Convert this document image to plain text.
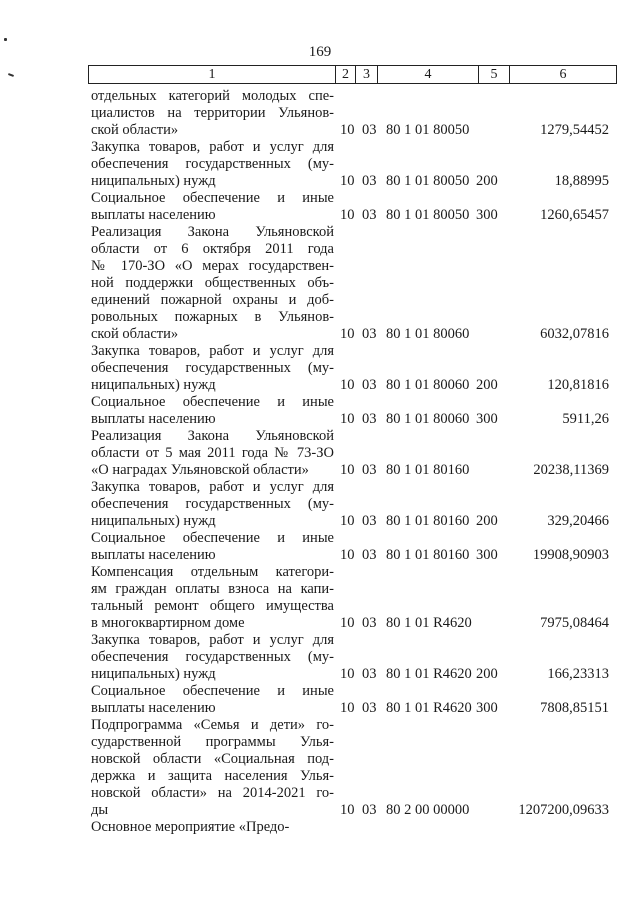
169
1	2	3	4	5	6
отдельных категорий молодых спе-
циалистов на территории Ульянов-
ской области»	10 03 80 1 01 80050	1279,54452
Закупка товаров, работ и услуг для
обеспечения государственных (му-
ниципальных) нужд	10 03 80 1 01 80050 200	18,88995
Социальное обеспечение и иные
выплаты населению	10 03 80 1 01 80050 300	1260,65457
Реализация Закона Ульяновской
области от 6 октября 2011 года
№ 170-ЗО «О мерах государствен-
ной поддержки общественных объ-
единений пожарной охраны и доб-
ровольных пожарных в Ульянов-
ской области»	10 03 80 1 01 80060	6032,07816
Закупка товаров, работ и услуг для
обеспечения государственных (му-
ниципальных) нужд	10 03 80 1 01 80060 200	120,81816
Социальное обеспечение и иные
выплаты населению	10 03 80 1 01 80060 300	5911,26
Реализация Закона Ульяновской
области от 5 мая 2011 года № 73-ЗО
«О наградах Ульяновской области»	10 03 80 1 01 80160	20238,11369
Закупка товаров, работ и услуг для
обеспечения государственных (му-
ниципальных) нужд	10 03 80 1 01 80160 200	329,20466
Социальное обеспечение и иные
выплаты населению	10 03 80 1 01 80160 300 19908,90903
Компенсация отдельным категори-
ям граждан оплаты взноса на капи-
тальный ремонт общего имущества
в многоквартирном доме	10 03 80 1 01 R4620	7975,08464
Закупка товаров, работ и услуг для
обеспечения государственных (му-
ниципальных) нужд	10 03 80 1 01 R4620 200	166,23313
Социальное обеспечение и иные
выплаты населению	10 03 80 1 01 R4620 300	7808,85151
Подпрограмма «Семья и дети» го-
сударственной программы Улья-
новской области «Социальная под-
держка и защита населения Улья-
новской области» на 2014-2021 го-
ды	10 03 80 2 00 00000	1207200,09633
Основное мероприятие «Предо-
